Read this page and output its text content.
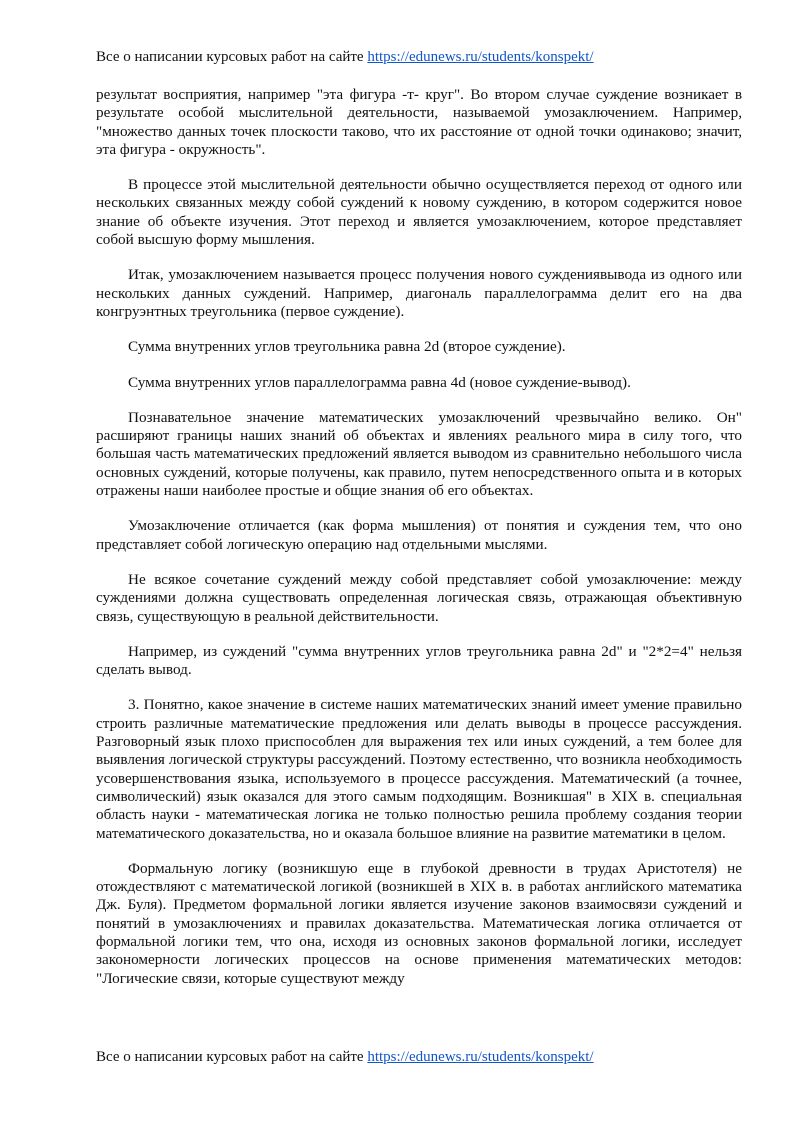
Все о написании курсовых работ на сайте https://edunews.ru/students/konspekt/

результат восприятия, например "эта фигура -т- круг". Во втором случае суждение возникает в результате особой мыслительной деятельности, называемой умозаключением. Например, "множество данных точек плоскости таково, что их расстояние от одной точки одинаково; значит, эта фигура - окружность".

В процессе этой мыслительной деятельности обычно осуществляется переход от одного или нескольких связанных между собой суждений к новому суждению, в котором содержится новое знание об объекте изучения. Этот переход и является умозаключением, которое представляет собой высшую форму мышления.

Итак, умозаключением называется процесс получения нового суждениявывода из одного или нескольких данных суждений. Например, диагональ параллелограмма делит его на два конгруэнтных треугольника (первое суждение).

Сумма внутренних углов треугольника равна 2d (второе суждение).

Сумма внутренних углов параллелограмма равна 4d (новое суждение-вывод).

Познавательное значение математических умозаключений чрезвычайно велико. Он" расширяют границы наших знаний об объектах и явлениях реального мира в силу того, что большая часть математических предложений является выводом из сравнительно небольшого числа основных суждений, которые получены, как правило, путем непосредственного опыта и в которых отражены наши наиболее простые и общие знания об его объектах.

Умозаключение отличается (как форма мышления) от понятия и суждения тем, что оно представляет собой логическую операцию над отдельными мыслями.

Не всякое сочетание суждений между собой представляет собой умозаключение: между суждениями должна существовать определенная логическая связь, отражающая объективную связь, существующую в реальной действительности.

Например, из суждений "сумма внутренних углов треугольника равна 2d" и "2*2=4" нельзя сделать вывод.

3. Понятно, какое значение в системе наших математических знаний имеет умение правильно строить различные математические предложения или делать выводы в процессе рассуждения. Разговорный язык плохо приспособлен для выражения тех или иных суждений, а тем более для выявления логической структуры рассуждений. Поэтому естественно, что возникла необходимость усовершенствования языка, используемого в процессе рассуждения. Математический (а точнее, символический) язык оказался для этого самым подходящим. Возникшая" в XIX в. специальная область науки - математическая логика не только полностью решила проблему создания теории математического доказательства, но и оказала большое влияние на развитие математики в целом.

Формальную логику (возникшую еще в глубокой древности в трудах Аристотеля) не отождествляют с математической логикой (возникшей в XIX в. в работах английского математика Дж. Буля). Предметом формальной логики является изучение законов взаимосвязи суждений и понятий в умозаключениях и правилах доказательства. Математическая логика отличается от формальной логики тем, что она, исходя из основных законов формальной логики, исследует закономерности логических процессов на основе применения математических методов: "Логические связи, которые существуют между

Все о написании курсовых работ на сайте https://edunews.ru/students/konspekt/
